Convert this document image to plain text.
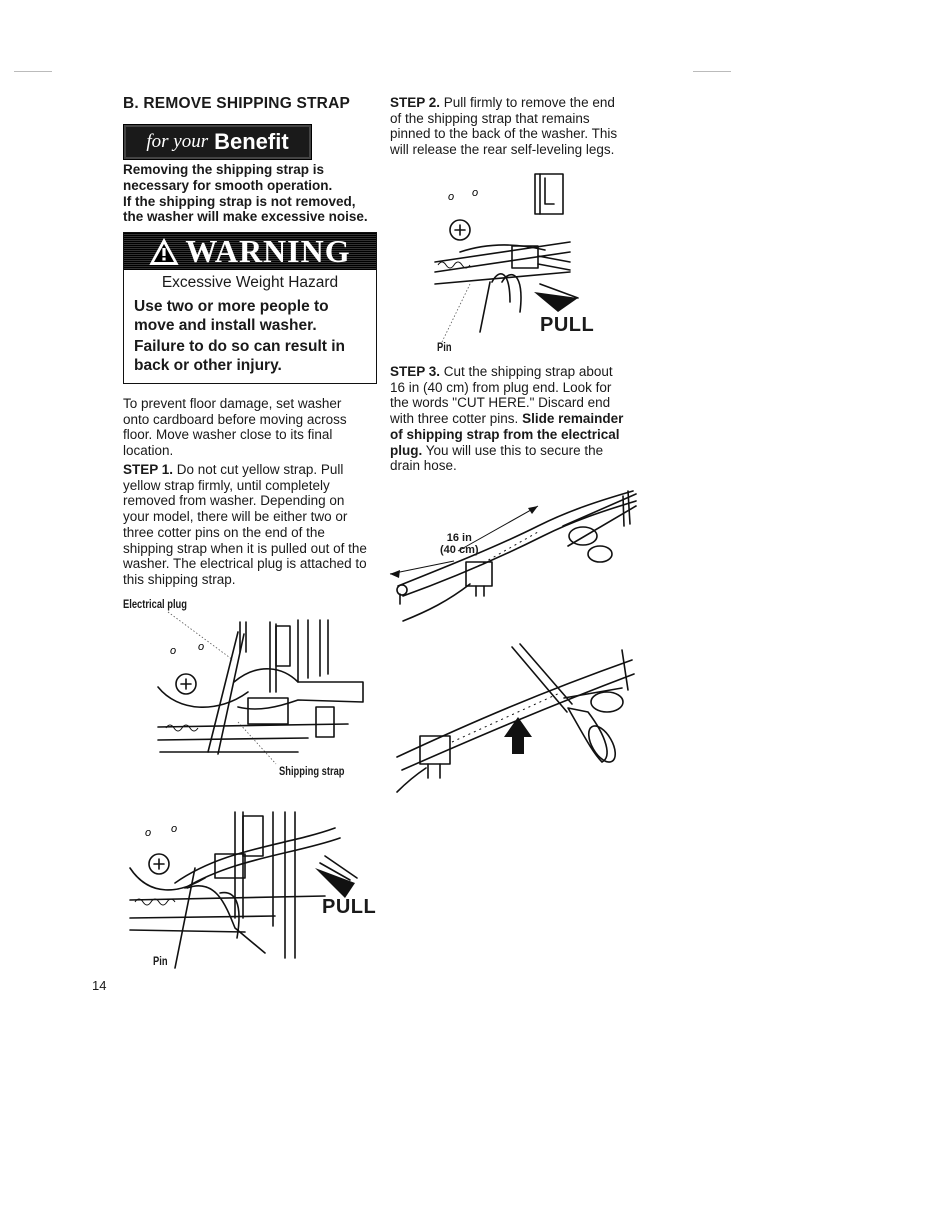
B. REMOVE SHIPPING STRAP
for your Benefit
Removing the shipping strap is
necessary for smooth operation.
If the shipping strap is not removed,
the washer will make excessive noise.
WARNING
Excessive Weight Hazard
Use two or more people to
move and install washer.
Failure to do so can result in
back or other injury.
To prevent floor damage, set washer
onto cardboard before moving across
floor. Move washer close to its final
location.
STEP 1. Do not cut yellow strap. Pull
yellow strap firmly, until completely
removed from washer. Depending on
your model, there will be either two or
three cotter pins on the end of the
shipping strap when it is pulled out of the
washer. The electrical plug is attached to
this shipping strap.
Electrical plug
Shipping strap
o o
o o
PULL
Pin
14
STEP 2. Pull firmly to remove the end
of the shipping strap that remains
pinned to the back of the washer. This
will release the rear self-leveling legs.
o o
PULL
Pin
STEP 3. Cut the shipping strap about
16 in (40 cm) from plug end. Look for
the words "CUT HERE." Discard end
with three cotter pins. Slide remainder
of shipping strap from the electrical
plug. You will use this to secure the
drain hose.
16 in
(40 cm)
